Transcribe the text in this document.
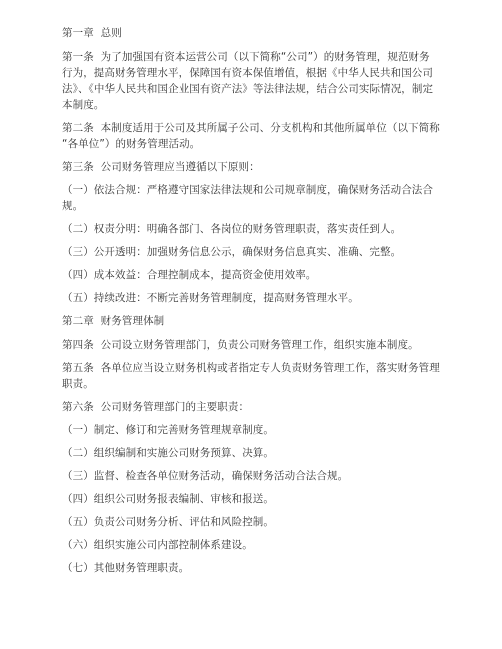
第一章  总则

第一条  为了加强国有资本运营公司（以下简称“公司”）的财务管理，规范财务
行为，提高财务管理水平，保障国有资本保值增值，根据《中华人民共和国公司
法》、《中华人民共和国企业国有资产法》等法律法规，结合公司实际情况，制定
本制度。

第二条  本制度适用于公司及其所属子公司、分支机构和其他所属单位（以下简称
“各单位”）的财务管理活动。

第三条  公司财务管理应当遵循以下原则：

（一）依法合规：严格遵守国家法律法规和公司规章制度，确保财务活动合法合规。

（二）权责分明：明确各部门、各岗位的财务管理职责，落实责任到人。

（三）公开透明：加强财务信息公示，确保财务信息真实、准确、完整。

（四）成本效益：合理控制成本，提高资金使用效率。

（五）持续改进：不断完善财务管理制度，提高财务管理水平。

第二章  财务管理体制

第四条  公司设立财务管理部门，负责公司财务管理工作，组织实施本制度。

第五条  各单位应当设立财务机构或者指定专人负责财务管理工作，落实财务管理
职责。

第六条  公司财务管理部门的主要职责：

（一）制定、修订和完善财务管理规章制度。

（二）组织编制和实施公司财务预算、决算。

（三）监督、检查各单位财务活动，确保财务活动合法合规。

（四）组织公司财务报表编制、审核和报送。

（五）负责公司财务分析、评估和风险控制。

（六）组织实施公司内部控制体系建设。

（七）其他财务管理职责。
